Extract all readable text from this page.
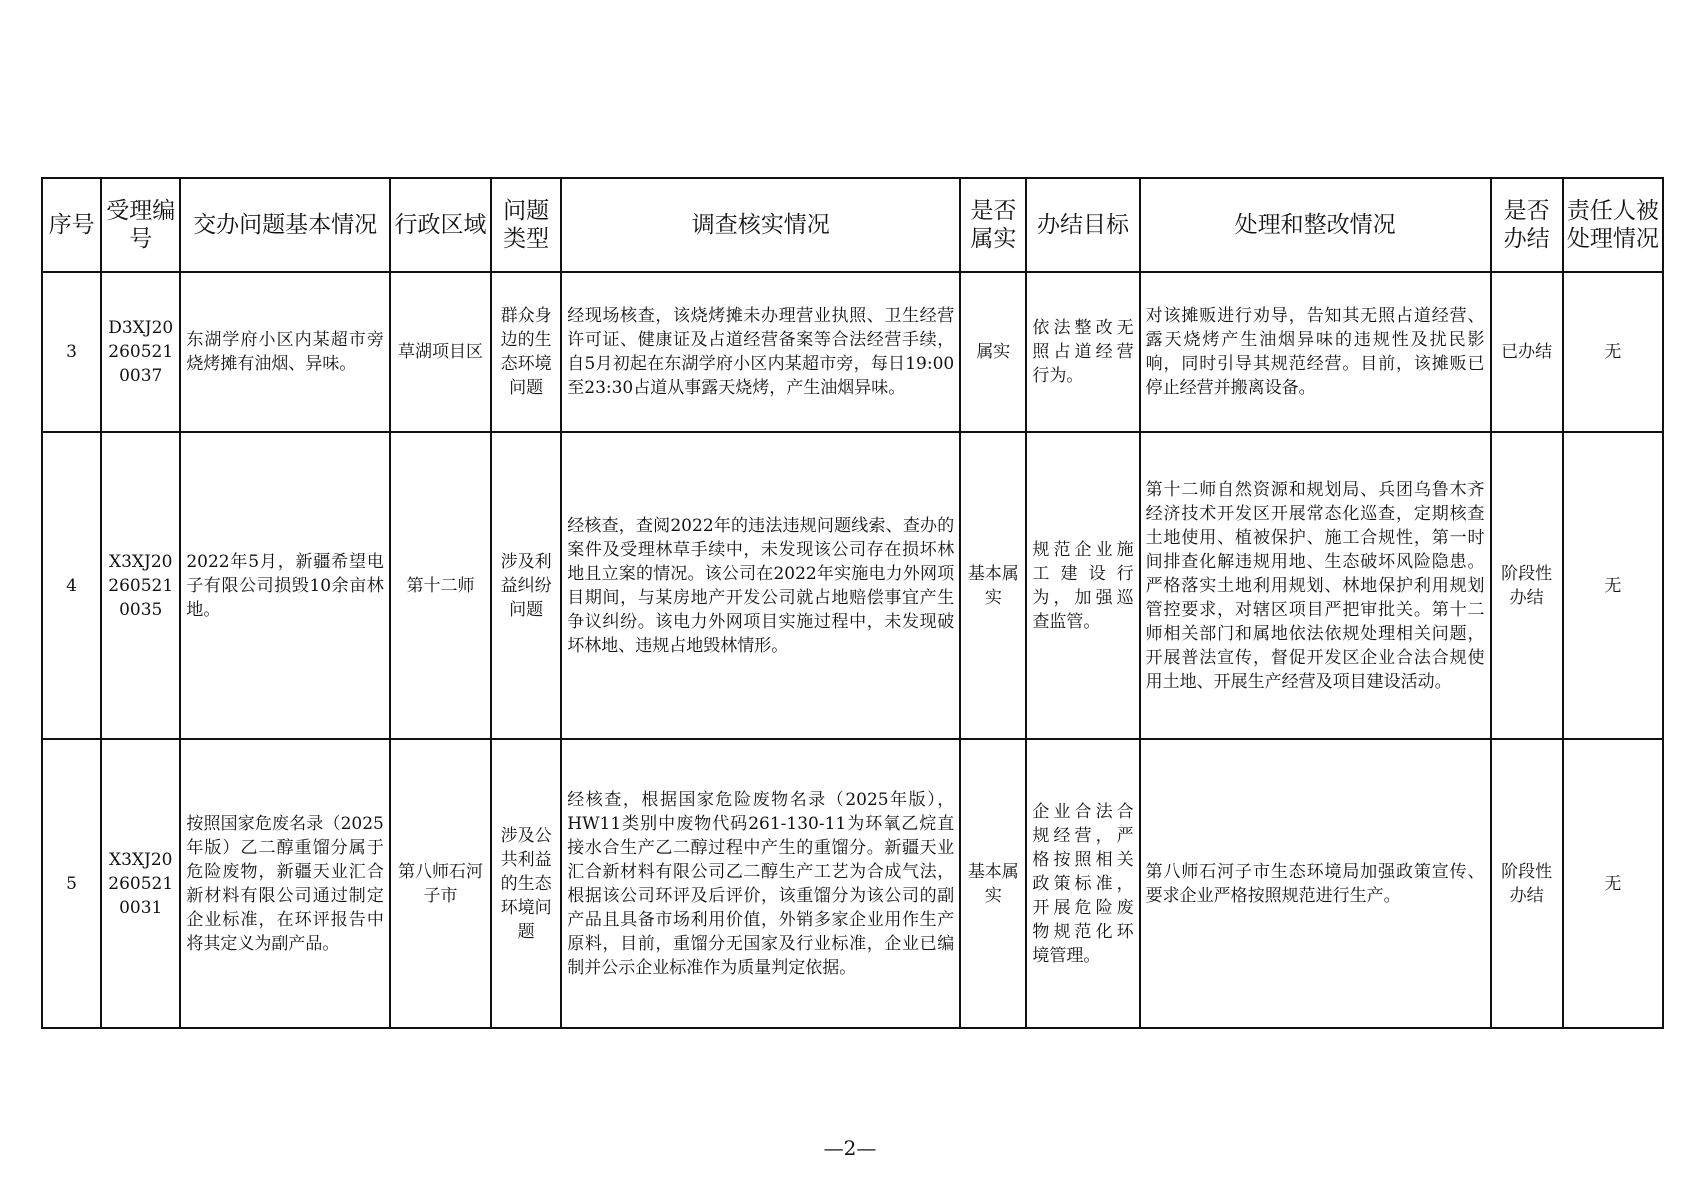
序号	受理编号	交办问题基本情况	行政区域	问题类型	调查核实情况	是否属实	办结目标	处理和整改情况	是否办结	责任人被处理情况
3	D3XJ202605210037	东湖学府小区内某超市旁烧烤摊有油烟、异味。	草湖项目区	群众身边的生态环境问题	经现场核查，该烧烤摊未办理营业执照、卫生经营许可证、健康证及占道经营备案等合法经营手续，自5月初起在东湖学府小区内某超市旁，每日19:00至23:30占道从事露天烧烤，产生油烟异味。	属实	依法整改无照占道经营行为。	对该摊贩进行劝导，告知其无照占道经营、露天烧烤产生油烟异味的违规性及扰民影响，同时引导其规范经营。目前，该摊贩已停止经营并搬离设备。	已办结	无
4	X3XJ202605210035	2022年5月，新疆希望电子有限公司损毁10余亩林地。	第十二师	涉及利益纠纷问题	经核查，查阅2022年的违法违规问题线索、查办的案件及受理林草手续中，未发现该公司存在损坏林地且立案的情况。该公司在2022年实施电力外网项目期间，与某房地产开发公司就占地赔偿事宜产生争议纠纷。该电力外网项目实施过程中，未发现破坏林地、违规占地毁林情形。	基本属实	规范企业施工建设行为，加强巡查监管。	第十二师自然资源和规划局、兵团乌鲁木齐经济技术开发区开展常态化巡查，定期核查土地使用、植被保护、施工合规性，第一时间排查化解违规用地、生态破坏风险隐患。严格落实土地利用规划、林地保护利用规划管控要求，对辖区项目严把审批关。第十二师相关部门和属地依法依规处理相关问题，开展普法宣传，督促开发区企业合法合规使用土地、开展生产经营及项目建设活动。	阶段性办结	无
5	X3XJ202605210031	按照国家危废名录（2025年版）乙二醇重馏分属于危险废物，新疆天业汇合新材料有限公司通过制定企业标准，在环评报告中将其定义为副产品。	第八师石河子市	涉及公共利益的生态环境问题	经核查，根据国家危险废物名录（2025年版），HW11类别中废物代码261-130-11为环氧乙烷直接水合生产乙二醇过程中产生的重馏分。新疆天业汇合新材料有限公司乙二醇生产工艺为合成气法，根据该公司环评及后评价，该重馏分为该公司的副产品且具备市场利用价值，外销多家企业用作生产原料，目前，重馏分无国家及行业标准，企业已编制并公示企业标准作为质量判定依据。	基本属实	企业合法合规经营，严格按照相关政策标准，开展危险废物规范化环境管理。	第八师石河子市生态环境局加强政策宣传、要求企业严格按照规范进行生产。	阶段性办结	无
—2—
